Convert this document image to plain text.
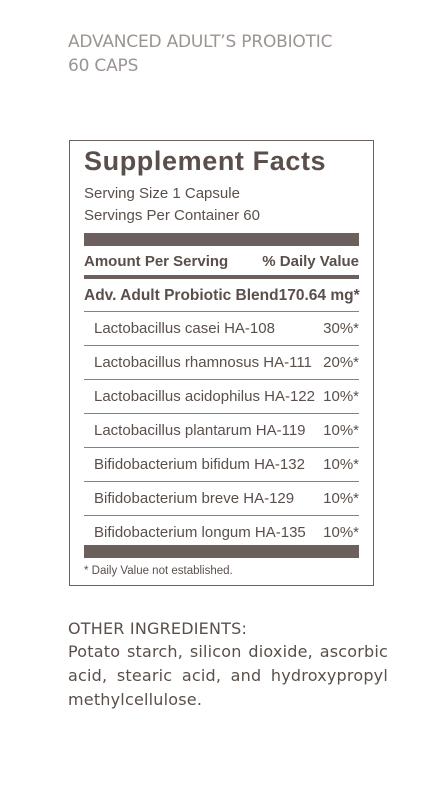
ADVANCED ADULT’S PROBIOTIC
60 CAPS
Supplement Facts
Serving Size 1 Capsule
Servings Per Container 60
Amount Per Serving % Daily Value
Adv. Adult Probiotic Blend 170.64 mg*
Lactobacillus casei HA-108	30%*
Lactobacillus rhamnosus HA-111 20%*
Lactobacillus acidophilus HA-122 10%*
Lactobacillus plantarum HA-119 10%*
Bifidobacterium bifidum HA-132 10%*
Bifidobacterium breve HA-129 10%*
Bifidobacterium longum HA-135 10%*
* Daily Value not established.
OTHER INGREDIENTS:
Potato starch, silicon dioxide, ascorbic acid, stearic acid, and hydroxypropyl methylcellulose.
